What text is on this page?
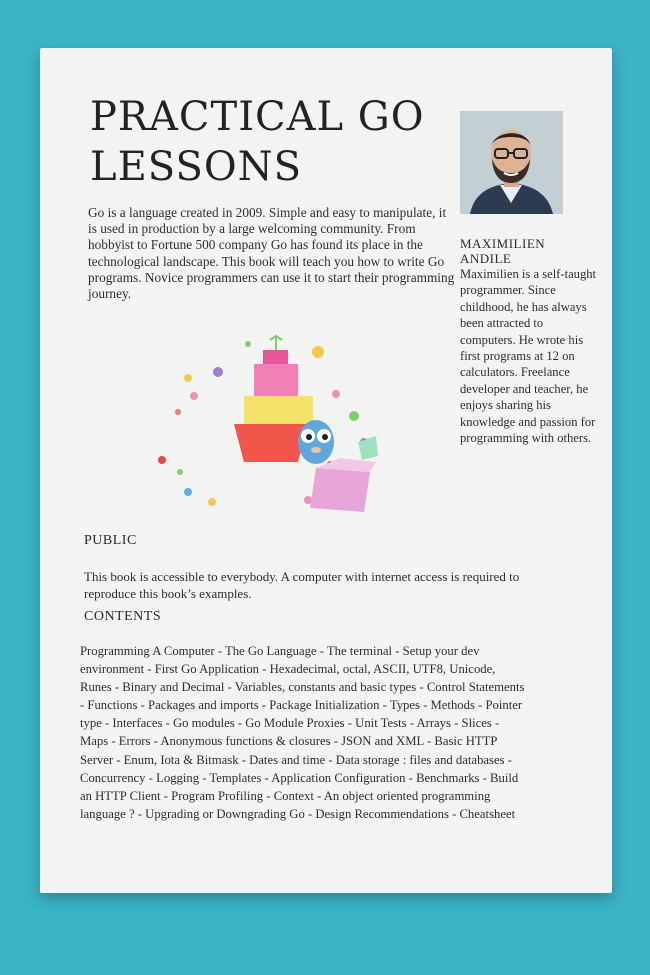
PRACTICAL GO
LESSONS
Go is a language created in 2009. Simple and easy to manipulate, it is used in production by a large welcoming community. From hobbyist to Fortune 500 company Go has found its place in the technological landscape. This book will teach you how to write Go programs. Novice programmers can use it to start their programming journey.
MAXIMILIEN ANDILE
Maximilien is a self-taught programmer. Since childhood, he has always been attracted to computers. He wrote his first programs at 12 on calculators. Freelance developer and teacher, he enjoys sharing his knowledge and passion for programming with others.
PUBLIC
This book is accessible to everybody. A computer with internet access is required to reproduce this book’s examples.
CONTENTS
Programming A Computer - The Go Language - The terminal - Setup your dev environment - First Go Application - Hexadecimal, octal, ASCII, UTF8, Unicode, Runes - Binary and Decimal - Variables, constants and basic types - Control Statements - Functions - Packages and imports - Package Initialization - Types - Methods - Pointer type - Interfaces - Go modules - Go Module Proxies - Unit Tests - Arrays - Slices - Maps - Errors - Anonymous functions & closures - JSON and XML - Basic HTTP Server - Enum, Iota & Bitmask - Dates and time - Data storage : files and databases - Concurrency - Logging - Templates - Application Configuration - Benchmarks - Build an HTTP Client - Program Profiling - Context - An object oriented programming language ? - Upgrading or Downgrading Go - Design Recommendations - Cheatsheet
